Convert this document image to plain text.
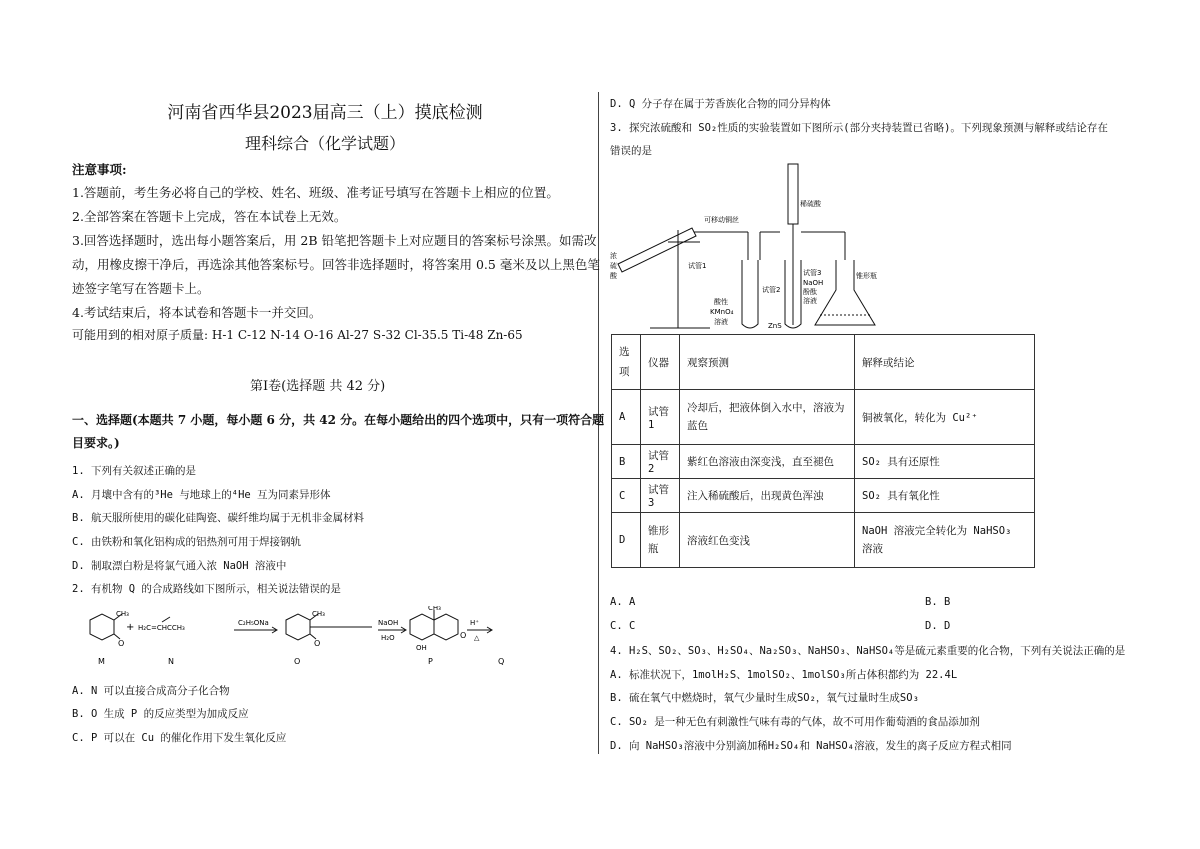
河南省西华县2023届高三（上）摸底检测
理科综合（化学试题）
注意事项:
1.答题前，考生务必将自己的学校、姓名、班级、准考证号填写在答题卡上相应的位置。
2.全部答案在答题卡上完成，答在本试卷上无效。
3.回答选择题时，选出每小题答案后，用 2B 铅笔把答题卡上对应题目的答案标号涂黑。如需改
动，用橡皮擦干净后，再选涂其他答案标号。回答非选择题时，将答案用 0.5 毫米及以上黑色笔
迹签字笔写在答题卡上。
4.考试结束后，将本试卷和答题卡一并交回。
可能用到的相对原子质量: H-1 C-12 N-14 O-16 Al-27 S-32 Cl-35.5 Ti-48 Zn-65
第Ⅰ卷(选择题 共 42 分)
一、选择题(本题共 7 小题，每小题 6 分，共 42 分。在每小题给出的四个选项中，只有一项符合题
目要求。)
1. 下列有关叙述正确的是
A. 月壤中含有的³He 与地球上的⁴He 互为同素异形体
B. 航天服所使用的碳化硅陶瓷、碳纤维均属于无机非金属材料
C. 由铁粉和氧化铝构成的铝热剂可用于焊接钢轨
D. 制取漂白粉是将氯气通入浓 NaOH 溶液中
2. 有机物 Q 的合成路线如下图所示，相关说法错误的是
CH₃
O
+ H₂C=CHCCH₃
C₂H₅ONa
CH₃
O
NaOH
H₂O
CH₃
OH
O
H⁺
△
M	N	O	P	Q
A. N 可以直接合成高分子化合物
B. O 生成 P 的反应类型为加成反应
C. P 可以在 Cu 的催化作用下发生氧化反应
D. Q 分子存在属于芳香族化合物的同分异构体
3. 探究浓硫酸和 SO₂性质的实验装置如下图所示(部分夹持装置已省略)。下列现象预测与解释或结论存在
错误的是
可移动铜丝
稀硫酸
浓
硫
酸
试管1
试管2
试管3
NaOH
酚酞
溶液
酸性
KMnO₄
溶液	ZnS
锥形瓶
选项	仪器	观察预测	解释或结论
A	试管 1	冷却后，把液体倒入水中，溶液为蓝色	铜被氧化，转化为 Cu²⁺
B	试管 2	紫红色溶液由深变浅，直至褪色	SO₂ 具有还原性
C	试管 3	注入稀硫酸后，出现黄色浑浊	SO₂ 具有氧化性
D	锥形瓶	溶液红色变浅	NaOH 溶液完全转化为 NaHSO₃ 溶液
A. A	B. B
C. C	D. D
4. H₂S、SO₂、SO₃、H₂SO₄、Na₂SO₃、NaHSO₃、NaHSO₄等是硫元素重要的化合物，下列有关说法正确的是
A. 标准状况下，1molH₂S、1molSO₂、1molSO₃所占体积都约为 22.4L
B. 硫在氧气中燃烧时，氧气少量时生成SO₂，氧气过量时生成SO₃
C. SO₂ 是一种无色有刺激性气味有毒的气体，故不可用作葡萄酒的食品添加剂
D. 向 NaHSO₃溶液中分别滴加稀H₂SO₄和 NaHSO₄溶液，发生的离子反应方程式相同
